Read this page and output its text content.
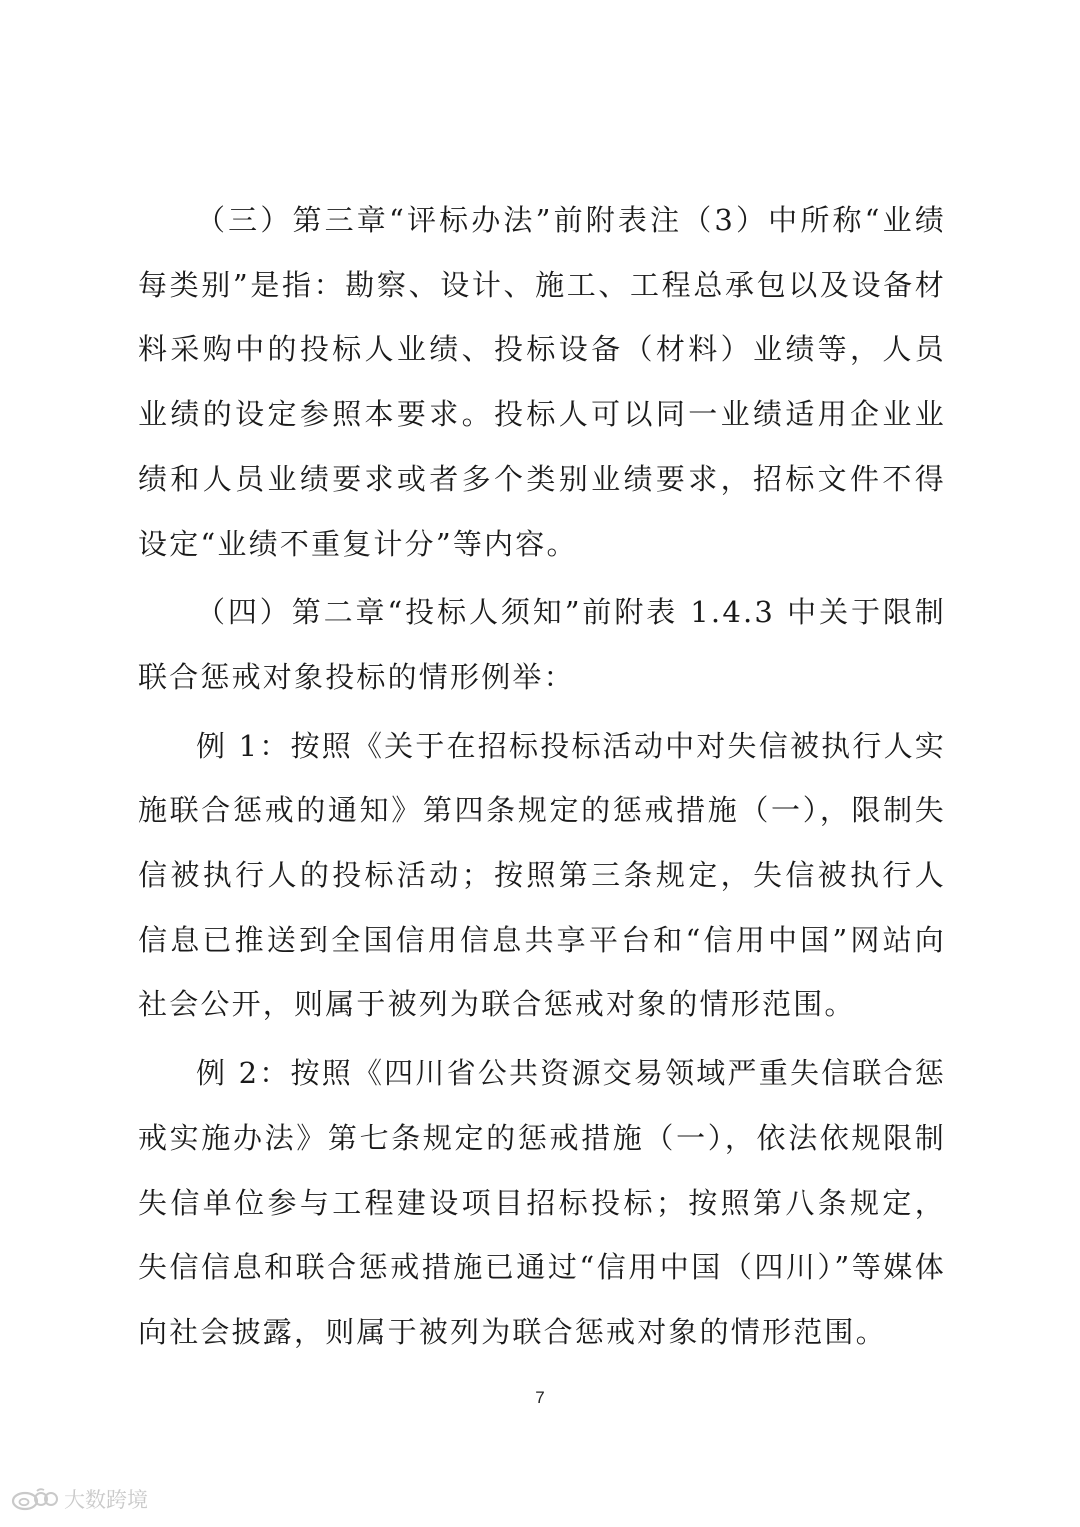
（三）第三章“评标办法”前附表注（3）中所称“业绩每类别”是指：勘察、设计、施工、工程总承包以及设备材料采购中的投标人业绩、投标设备（材料）业绩等，人员业绩的设定参照本要求。投标人可以同一业绩适用企业业绩和人员业绩要求或者多个类别业绩要求，招标文件不得设定“业绩不重复计分”等内容。

（四）第二章“投标人须知”前附表 1.4.3 中关于限制联合惩戒对象投标的情形例举：

例 1：按照《关于在招标投标活动中对失信被执行人实施联合惩戒的通知》第四条规定的惩戒措施（一），限制失信被执行人的投标活动；按照第三条规定，失信被执行人信息已推送到全国信用信息共享平台和“信用中国”网站向社会公开，则属于被列为联合惩戒对象的情形范围。

例 2：按照《四川省公共资源交易领域严重失信联合惩戒实施办法》第七条规定的惩戒措施（一），依法依规限制失信单位参与工程建设项目招标投标；按照第八条规定，失信信息和联合惩戒措施已通过“信用中国（四川）”等媒体向社会披露，则属于被列为联合惩戒对象的情形范围。

7
大数跨境
